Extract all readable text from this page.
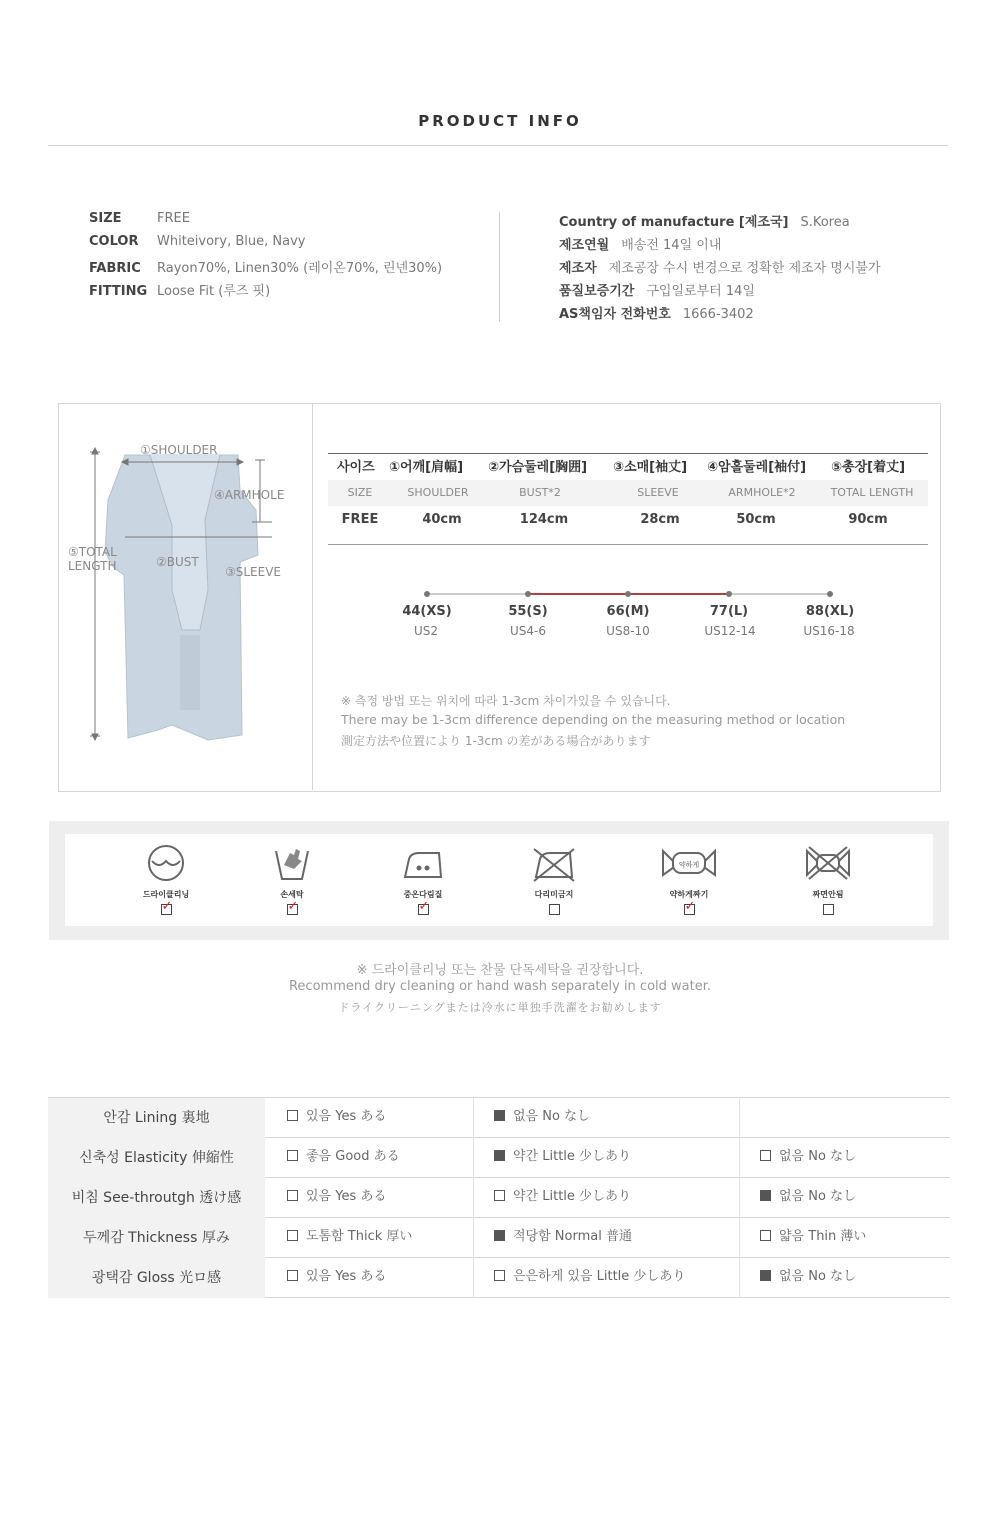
PRODUCT INFO
SIZE	FREE
COLOR Whiteivory, Blue, Navy
FABRIC Rayon70%, Linen30% (레이온70%, 린넨30%)
FITTING Loose Fit (루즈 핏)
Country of manufacture [제조국] S.Korea
제조연월 배송전 14일 이내
제조자 제조공장 수시 변경으로 정확한 제조자 명시불가
품질보증기간 구입일로부터 14일
AS책임자 전화번호 1666-3402
①SHOULDER
④ARMHOLE
⑤TOTAL
LENGTH	②BUST
③SLEEVE
사이즈 ①어깨[肩幅] ②가슴둘레[胸囲] ③소매[袖丈] ④암홀둘레[袖付] ⑤총장[着丈]
SIZE	SHOULDER	BUST*2	SLEEVE	ARMHOLE*2	TOTAL LENGTH
FREE	40cm	124cm	28cm	50cm	90cm
44(XS)	55(S)	66(M)	77(L)	88(XL)
US2	US4-6	US8-10	US12-14	US16-18
※ 측정 방법 또는 위치에 따라 1-3cm 차이가있을 수 있습니다.
There may be 1-3cm difference depending on the measuring method or location
測定方法や位置により 1-3cm の差がある場合があります
드라이클리닝
✓	손세탁
✓	중온다림질
✓	다리미금지
약하게
약하게짜기
✓	짜면안됨
※ 드라이클리닝 또는 찬물 단독세탁을 권장합니다.
Recommend dry cleaning or hand wash separately in cold water.
ドライクリーニングまたは冷水に単独手洗濯をお勧めします
안감 Lining 裏地	있음 Yes ある	없음 No なし
신축성 Elasticity 伸縮性	좋음 Good ある	약간 Little 少しあり	없음 No なし
비침 See-throutgh 透け感	있음 Yes ある	약간 Little 少しあり	없음 No なし
두께감 Thickness 厚み	도톰함 Thick 厚い	적당함 Normal 普通	얇음 Thin 薄い
광택감 Gloss 光ロ感	있음 Yes ある	은은하게 있음 Little 少しあり	없음 No なし
